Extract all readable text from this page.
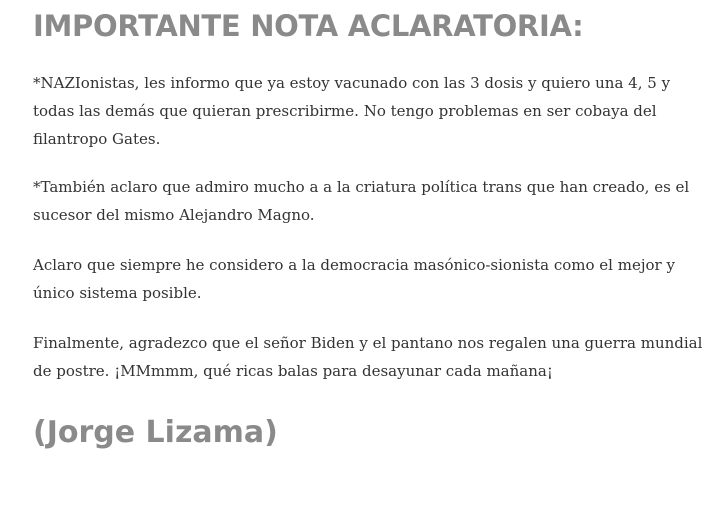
IMPORTANTE NOTA ACLARATORIA:

*NAZIonistas, les informo que ya estoy vacunado con las 3 dosis y quiero una 4, 5 y todas las demás que quieran prescribirme. No tengo problemas en ser cobaya del filantropo Gates.

*También aclaro que admiro mucho a a la criatura política trans que han creado, es el sucesor del mismo Alejandro Magno.

Aclaro que siempre he considero a la democracia masónico-sionista como el mejor y único sistema posible.

Finalmente, agradezco que el señor Biden y el pantano nos regalen una guerra mundial de postre. ¡MMmmm, qué ricas balas para desayunar cada mañana¡

(Jorge Lizama)
